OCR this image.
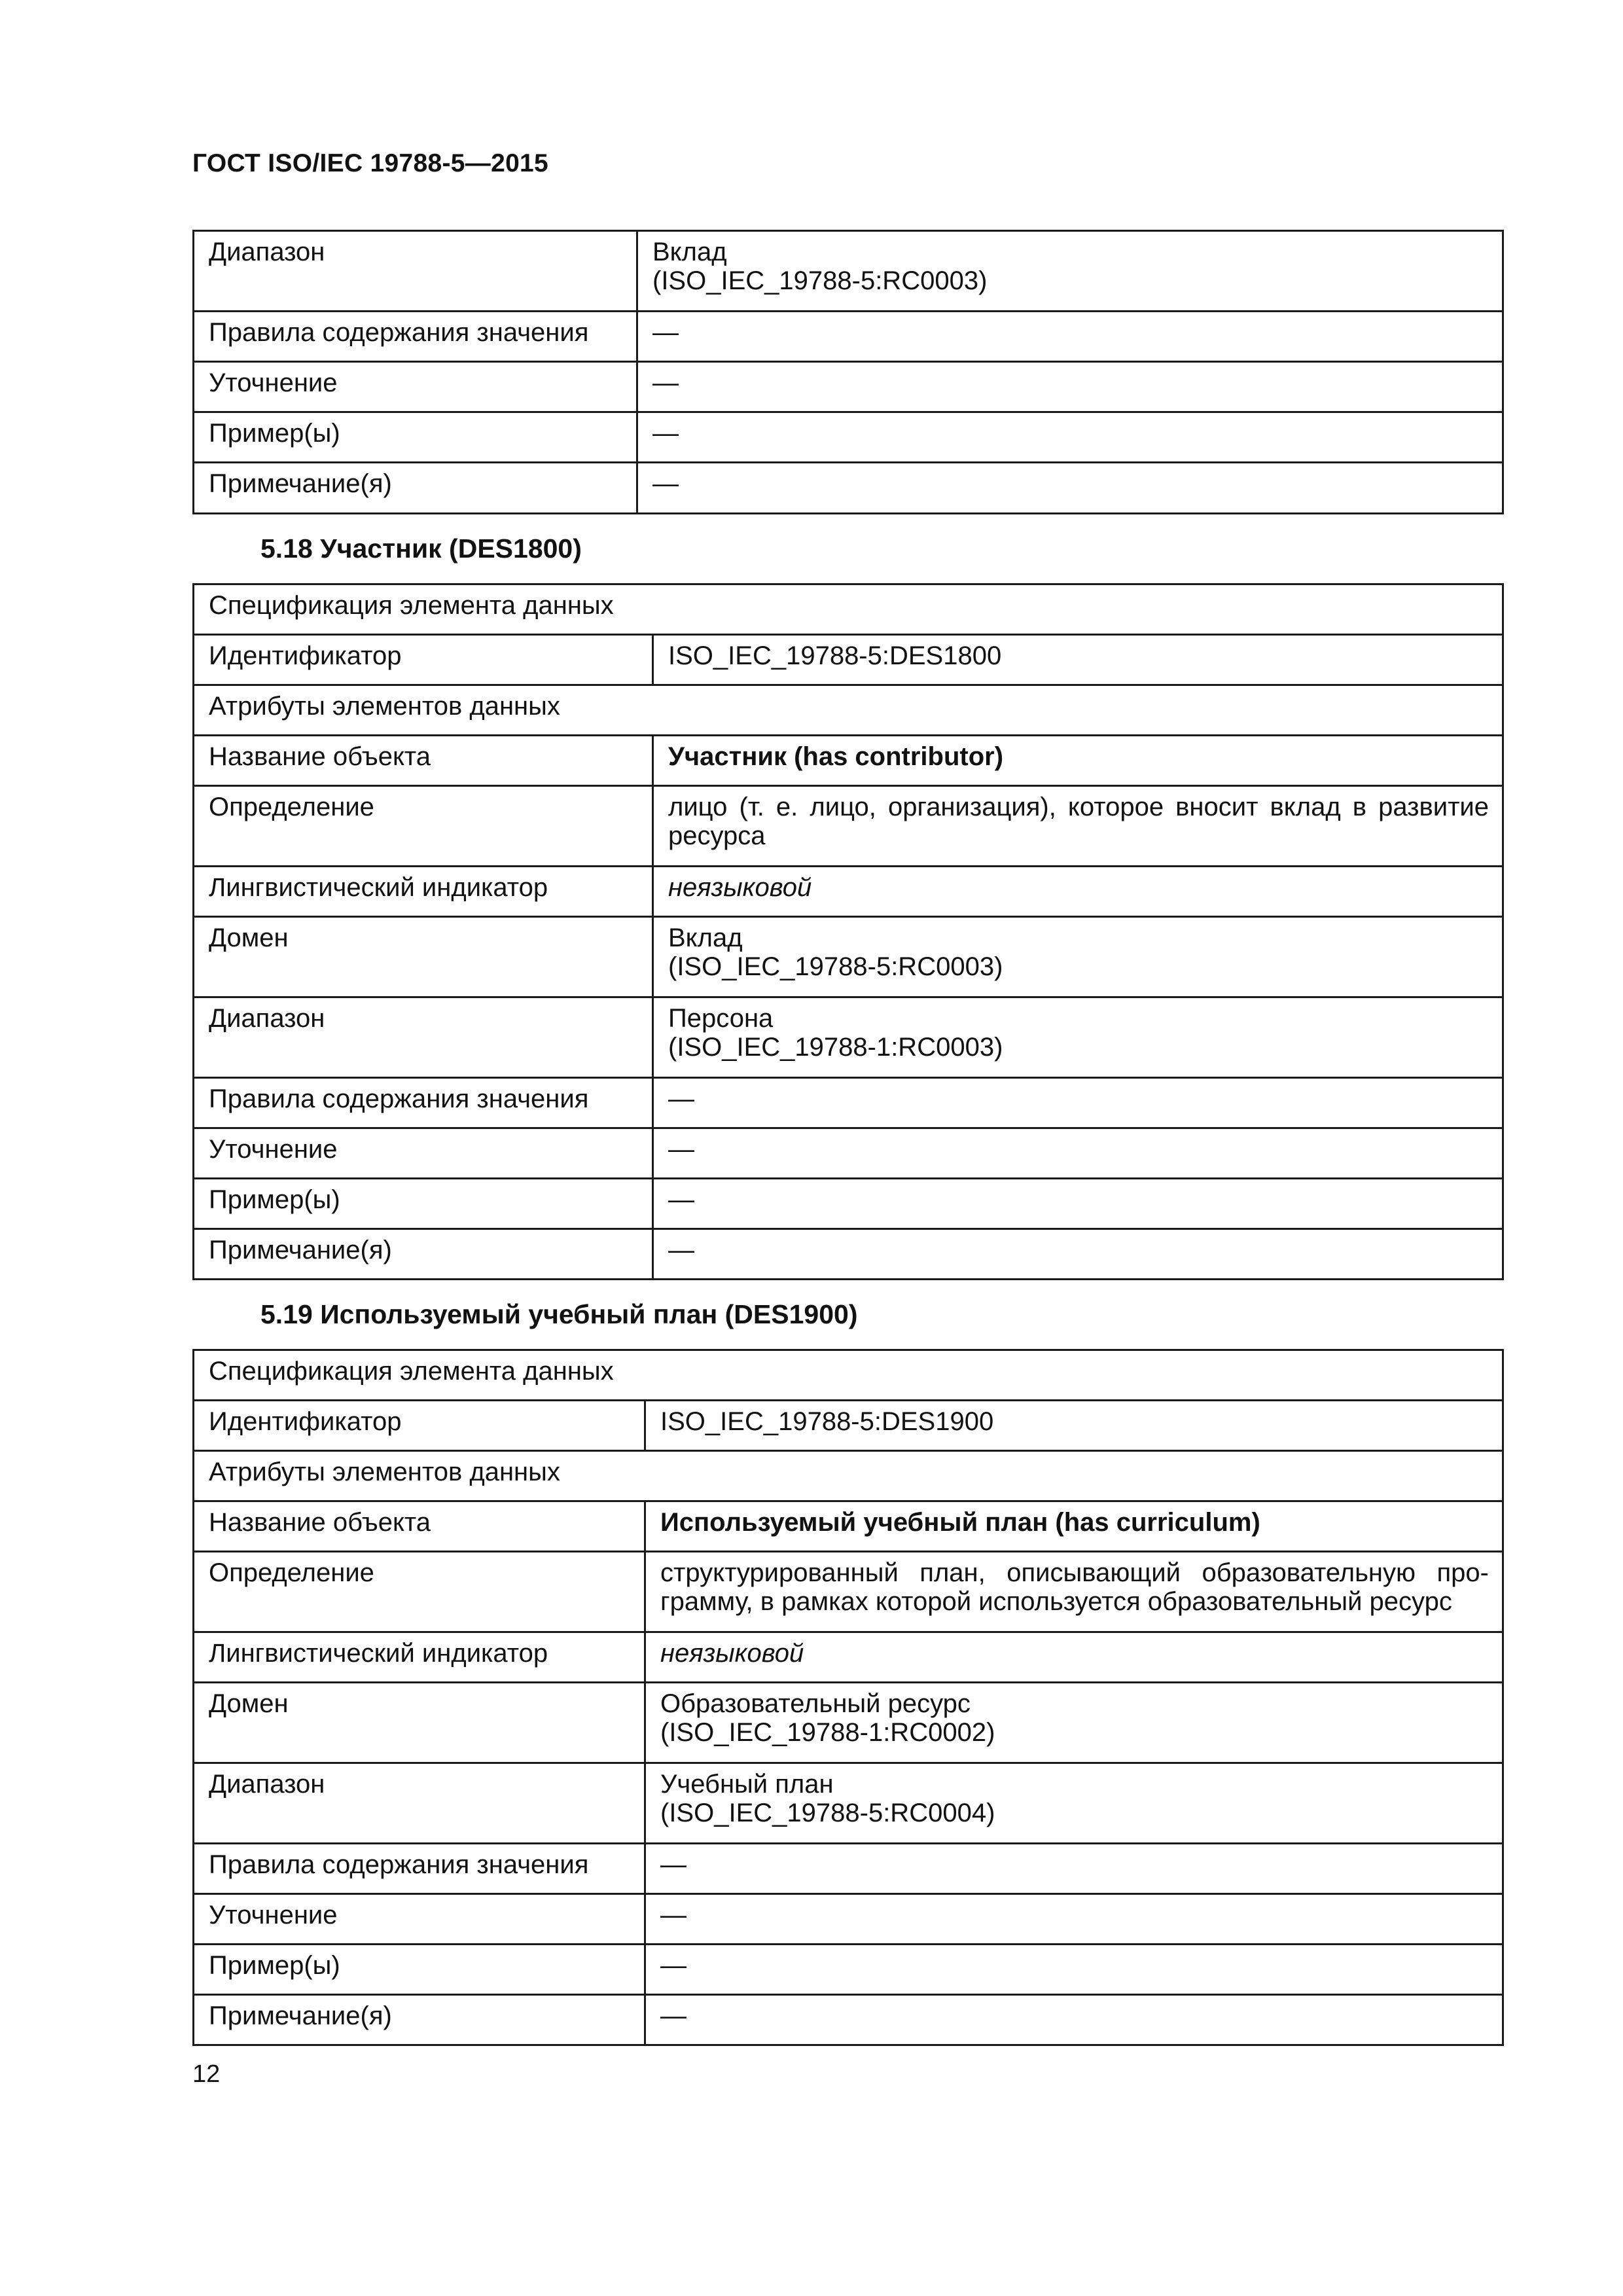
ГОСТ ISO/IEC 19788-5—2015
Диапазон	Вклад
(ISO_IEC_19788-5:RC0003)

Правила содержания значения	—
Уточнение	—
Пример(ы)	—
Примечание(я)	—
5.18 Участник (DES1800)
Спецификация элемента данных	
Идентификатор	ISO_IEC_19788-5:DES1800
Атрибуты элементов данных	
Название объекта	Участник (has contributor)
Определение	лицо (т. е. лицо, организация), которое вносит вклад в развитие ресурса
Лингвистический индикатор	неязыковой
Домен	Вклад
(ISO_IEC_19788-5:RC0003)

Диапазон	Персона
(ISO_IEC_19788-1:RC0003)

Правила содержания значения	—
Уточнение	—
Пример(ы)	—
Примечание(я)	—
5.19 Используемый учебный план (DES1900)
Спецификация элемента данных	
Идентификатор	ISO_IEC_19788-5:DES1900
Атрибуты элементов данных	
Название объекта	Используемый учебный план (has curriculum)
Определение	структурированный план, описывающий образовательную про-грамму, в рамках которой используется образовательный ресурс
Лингвистический индикатор	неязыковой
Домен	Образовательный ресурс
(ISO_IEC_19788-1:RC0002)

Диапазон	Учебный план
(ISO_IEC_19788-5:RC0004)

Правила содержания значения	—
Уточнение	—
Пример(ы)	—
Примечание(я)	—
12
